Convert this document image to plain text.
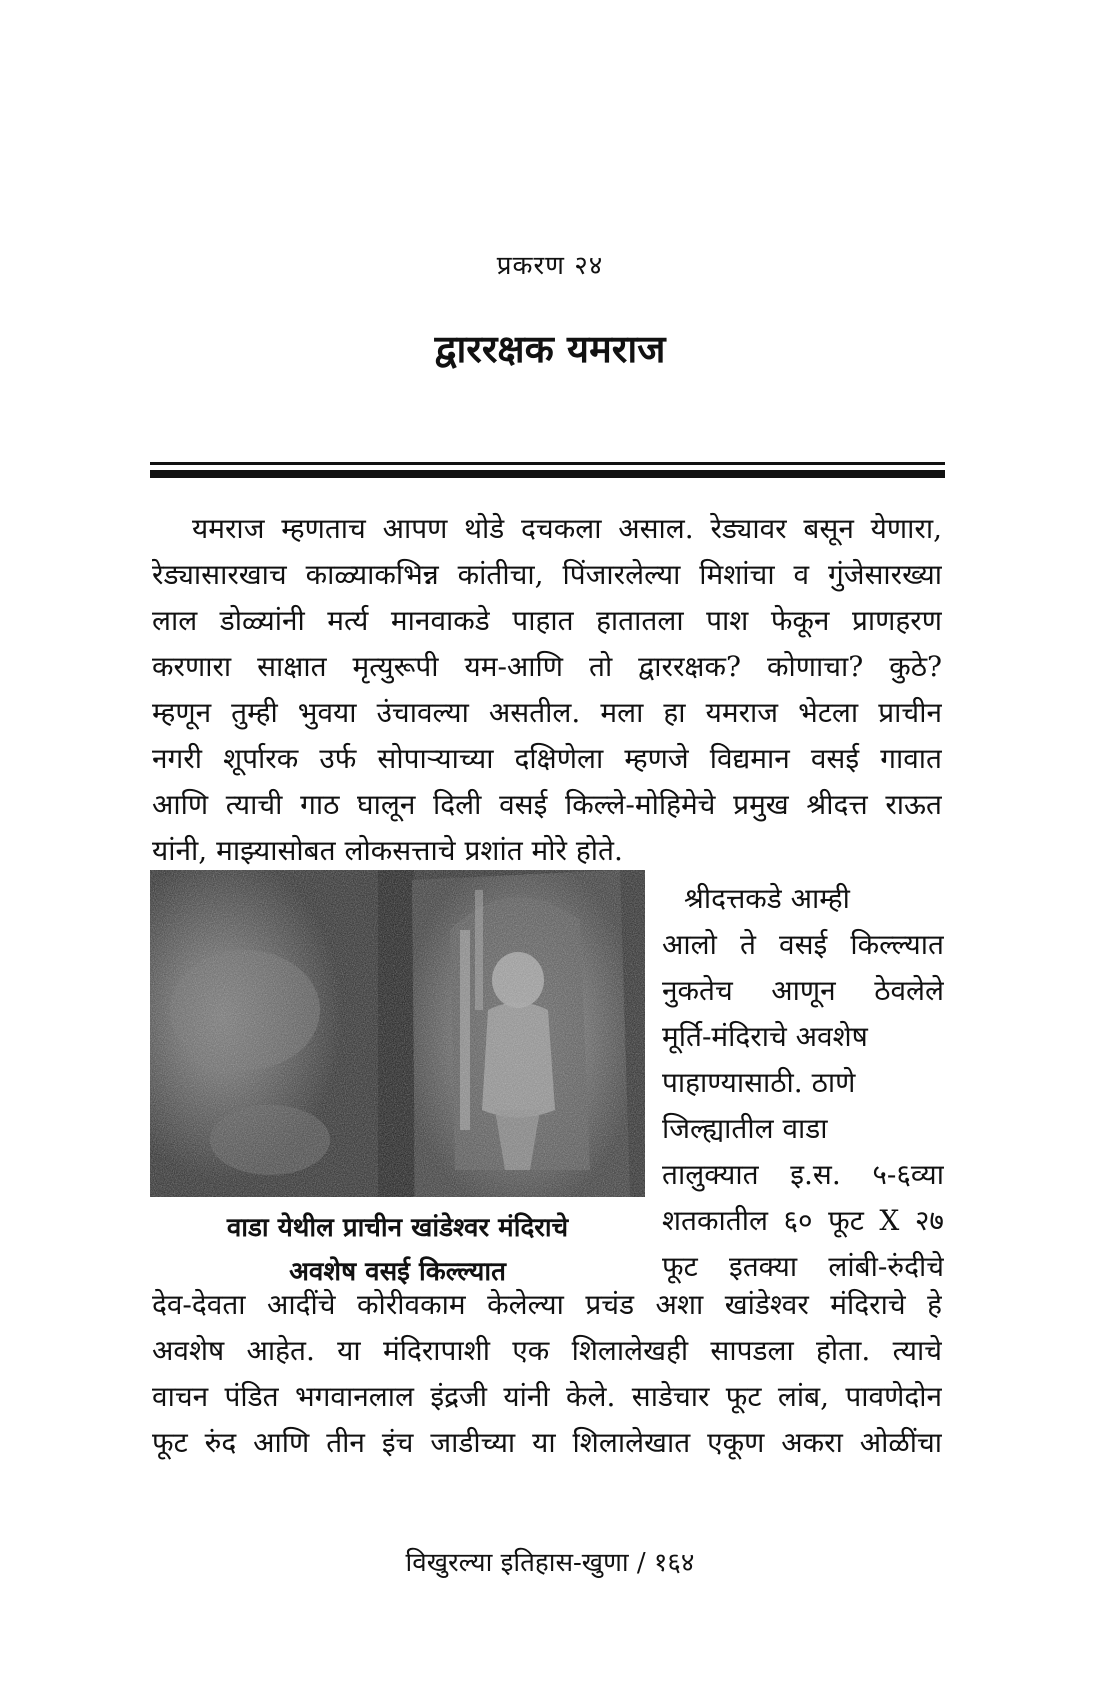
प्रकरण २४
द्वाररक्षक यमराज
यमराज म्हणताच आपण थोडे दचकला असाल. रेड्यावर बसून येणारा,
रेड्यासारखाच काळ्याकभिन्न कांतीचा, पिंजारलेल्या मिशांचा व गुंजेसारख्या
लाल डोळ्यांनी मर्त्य मानवाकडे पाहात हातातला पाश फेकून प्राणहरण
करणारा साक्षात मृत्युरूपी यम-आणि तो द्वाररक्षक? कोणाचा? कुठे?
म्हणून तुम्ही भुवया उंचावल्या असतील. मला हा यमराज भेटला प्राचीन
नगरी शूर्पारक उर्फ सोपाऱ्याच्या दक्षिणेला म्हणजे विद्यमान वसई गावात
आणि त्याची गाठ घालून दिली वसई किल्ले-मोहिमेचे प्रमुख श्रीदत्त राऊत
यांनी, माझ्यासोबत लोकसत्ताचे प्रशांत मोरे होते.
वाडा येथील प्राचीन खांडेश्वर मंदिराचे
अवशेष वसई किल्ल्यात
श्रीदत्तकडे आम्ही
आलो ते वसई किल्ल्यात
नुकतेच आणून ठेवलेले
मूर्ति-मंदिराचे अवशेष
पाहाण्यासाठी. ठाणे
जिल्ह्यातील वाडा
तालुक्यात इ.स. ५-६व्या
शतकातील ६० फूट X २७
फूट इतक्या लांबी-रुंदीचे
देव-देवता आदींचे कोरीवकाम केलेल्या प्रचंड अशा खांडेश्वर मंदिराचे हे
अवशेष आहेत. या मंदिरापाशी एक शिलालेखही सापडला होता. त्याचे
वाचन पंडित भगवानलाल इंद्रजी यांनी केले. साडेचार फूट लांब, पावणेदोन
फूट रुंद आणि तीन इंच जाडीच्या या शिलालेखात एकूण अकरा ओळींचा
विखुरल्या इतिहास-खुणा / १६४
